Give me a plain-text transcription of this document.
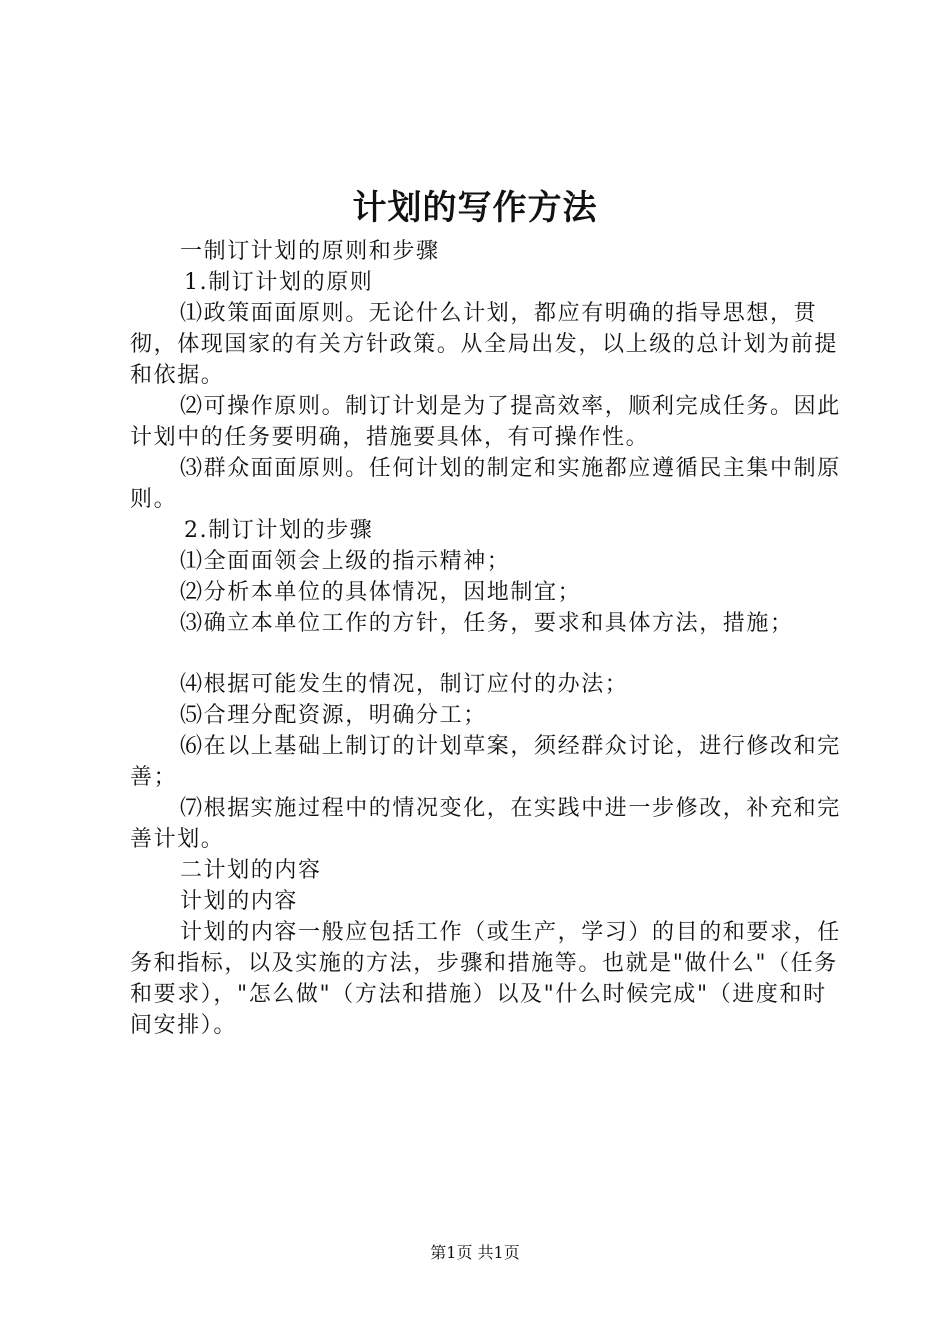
计划的写作方法

一制订计划的原则和步骤

1.制订计划的原则

⑴政策面面原则。无论什么计划，都应有明确的指导思想，贯彻，体现国家的有关方针政策。从全局出发，以上级的总计划为前提和依据。

⑵可操作原则。制订计划是为了提高效率，顺利完成任务。因此计划中的任务要明确，措施要具体，有可操作性。

⑶群众面面原则。任何计划的制定和实施都应遵循民主集中制原则。

2.制订计划的步骤

⑴全面面领会上级的指示精神；

⑵分析本单位的具体情况，因地制宜；

⑶确立本单位工作的方针，任务，要求和具体方法，措施；

⑷根据可能发生的情况，制订应付的办法；

⑸合理分配资源，明确分工；

⑹在以上基础上制订的计划草案，须经群众讨论，进行修改和完善；

⑺根据实施过程中的情况变化，在实践中进一步修改，补充和完善计划。

二计划的内容

计划的内容

计划的内容一般应包括工作（或生产，学习）的目的和要求，任务和指标，以及实施的方法，步骤和措施等。也就是"做什么"（任务和要求），"怎么做"（方法和措施）以及"什么时候完成"（进度和时间安排）。

第1页 共1页
